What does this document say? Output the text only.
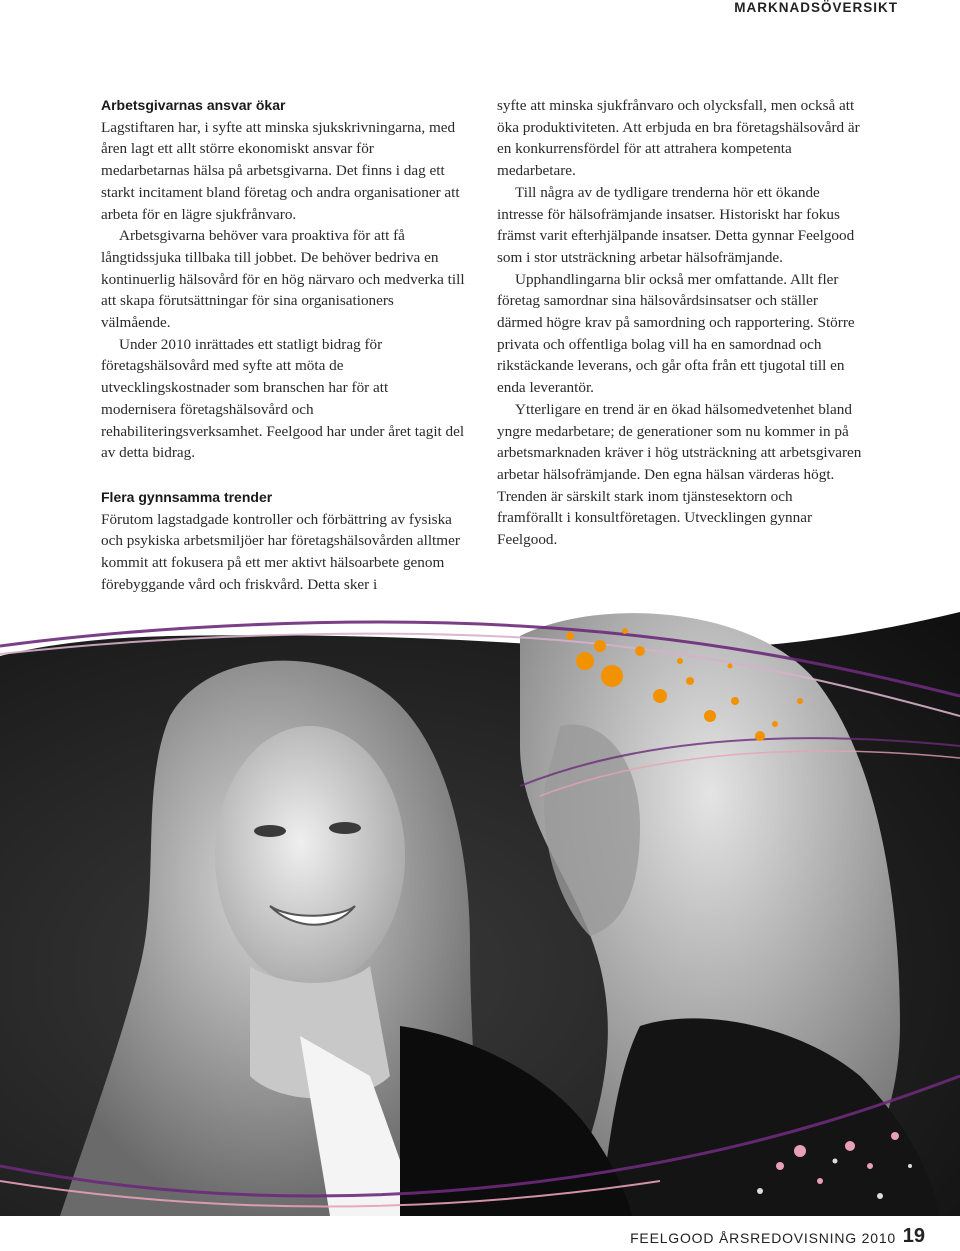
MARKNADSÖVERSIKT
Arbetsgivarnas ansvar ökar

Lagstiftaren har, i syfte att minska sjukskrivningarna, med åren lagt ett allt större ekonomiskt ansvar för medarbetarnas hälsa på arbetsgivarna. Det finns i dag ett starkt incitament bland företag och andra organisationer att arbeta för en lägre sjukfrånvaro.

Arbetsgivarna behöver vara proaktiva för att få långtidssjuka tillbaka till jobbet. De behöver bedriva en kontinuerlig hälsovård för en hög närvaro och medverka till att skapa förutsättningar för sina organisationers välmående.

Under 2010 inrättades ett statligt bidrag för företagshälsovård med syfte att möta de utvecklingskostnader som branschen har för att modernisera företagshälsovård och rehabiliteringsverksamhet. Feelgood har under året tagit del av detta bidrag.

Flera gynnsamma trender

Förutom lagstadgade kontroller och förbättring av fysiska och psykiska arbetsmiljöer har företagshälsovården alltmer kommit att fokusera på ett mer aktivt hälsoarbete genom förebyggande vård och friskvård. Detta sker i

syfte att minska sjukfrånvaro och olycksfall, men också att öka produktiviteten. Att erbjuda en bra företagshälsovård är en konkurrensfördel för att attrahera kompetenta medarbetare.

Till några av de tydligare trenderna hör ett ökande intresse för hälsofrämjande insatser. Historiskt har fokus främst varit efterhjälpande insatser. Detta gynnar Feelgood som i stor utsträckning arbetar hälsofrämjande.

Upphandlingarna blir också mer omfattande. Allt fler företag samordnar sina hälsovårdsinsatser och ställer därmed högre krav på samordning och rapportering. Större privata och offentliga bolag vill ha en samordnad och rikstäckande leverans, och går ofta från ett tjugotal till en enda leverantör.

Ytterligare en trend är en ökad hälsomedvetenhet bland yngre medarbetare; de generationer som nu kommer in på arbetsmarknaden kräver i hög utsträckning att arbetsgivaren arbetar hälsofrämjande. Den egna hälsan värderas högt. Trenden är särskilt stark inom tjänstesektorn och framförallt i konsultföretagen. Utvecklingen gynnar Feelgood.

FEELGOOD ÅRSREDOVISNING 2010 19
